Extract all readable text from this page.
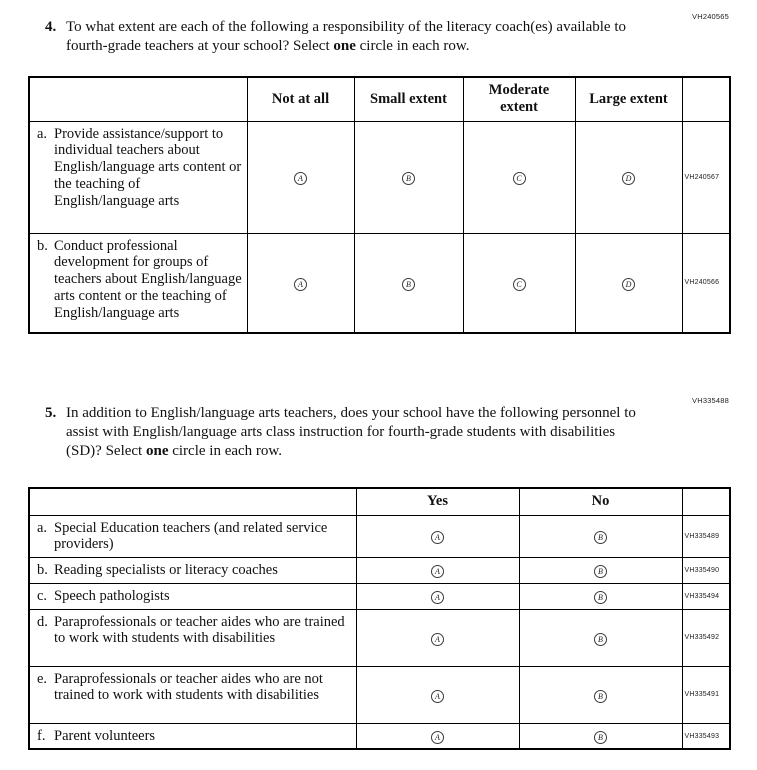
VH240565
4. To what extent are each of the following a responsibility of the literacy coach(es) available to fourth-grade teachers at your school? Select one circle in each row.
	Not at all	Small extent	Moderate extent	Large extent	

a. Provide assistance/support to individual teachers about English/language arts content or the teaching of English/language arts	A	B	C	D	VH240567

b. Conduct professional development for groups of teachers about English/language arts content or the teaching of English/language arts	A	B	C	D	VH240566
VH335488
5. In addition to English/language arts teachers, does your school have the following personnel to assist with English/language arts class instruction for fourth-grade students with disabilities (SD)? Select one circle in each row.
	Yes	No	

a. Special Education teachers (and related service providers)	A	B	VH335489

b. Reading specialists or literacy coaches	A	B	VH335490

c. Speech pathologists	A	B	VH335494

d. Paraprofessionals or teacher aides who are trained to work with students with disabilities	A	B	VH335492

e. Paraprofessionals or teacher aides who are not trained to work with students with disabilities	A	B	VH335491

f. Parent volunteers	A	B	VH335493
